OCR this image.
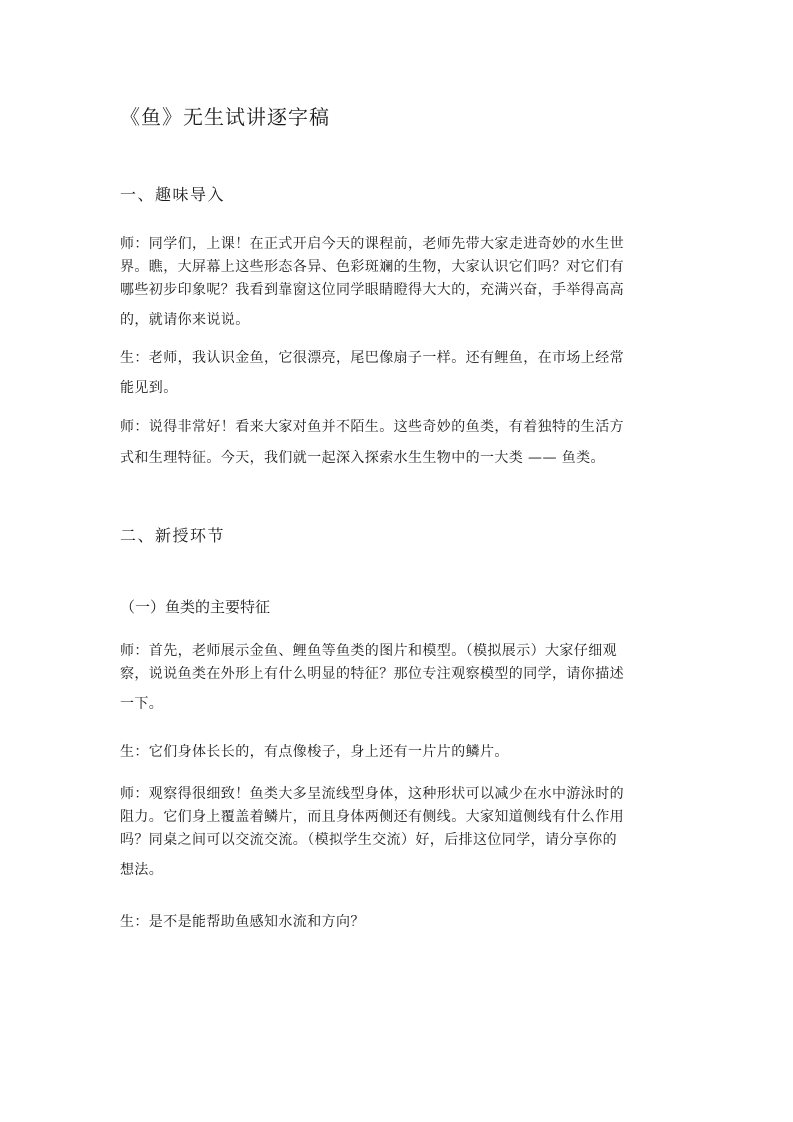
《鱼》无生试讲逐字稿
一、趣味导入

师：同学们，上课！在正式开启今天的课程前，老师先带大家走进奇妙的水生世
界。瞧，大屏幕上这些形态各异、色彩斑斓的生物，大家认识它们吗？对它们有
哪些初步印象呢？我看到靠窗这位同学眼睛瞪得大大的，充满兴奋，手举得高高
的，就请你来说说。

生：老师，我认识金鱼，它很漂亮，尾巴像扇子一样。还有鲤鱼，在市场上经常
能见到。

师：说得非常好！看来大家对鱼并不陌生。这些奇妙的鱼类，有着独特的生活方
式和生理特征。今天，我们就一起深入探索水生生物中的一大类 —— 鱼类。

二、新授环节
（一）鱼类的主要特征

师：首先，老师展示金鱼、鲤鱼等鱼类的图片和模型。（模拟展示）大家仔细观
察，说说鱼类在外形上有什么明显的特征？那位专注观察模型的同学，请你描述
一下。

生：它们身体长长的，有点像梭子，身上还有一片片的鳞片。

师：观察得很细致！鱼类大多呈流线型身体，这种形状可以减少在水中游泳时的
阻力。它们身上覆盖着鳞片，而且身体两侧还有侧线。大家知道侧线有什么作用
吗？同桌之间可以交流交流。（模拟学生交流）好，后排这位同学，请分享你的
想法。

生：是不是能帮助鱼感知水流和方向？
